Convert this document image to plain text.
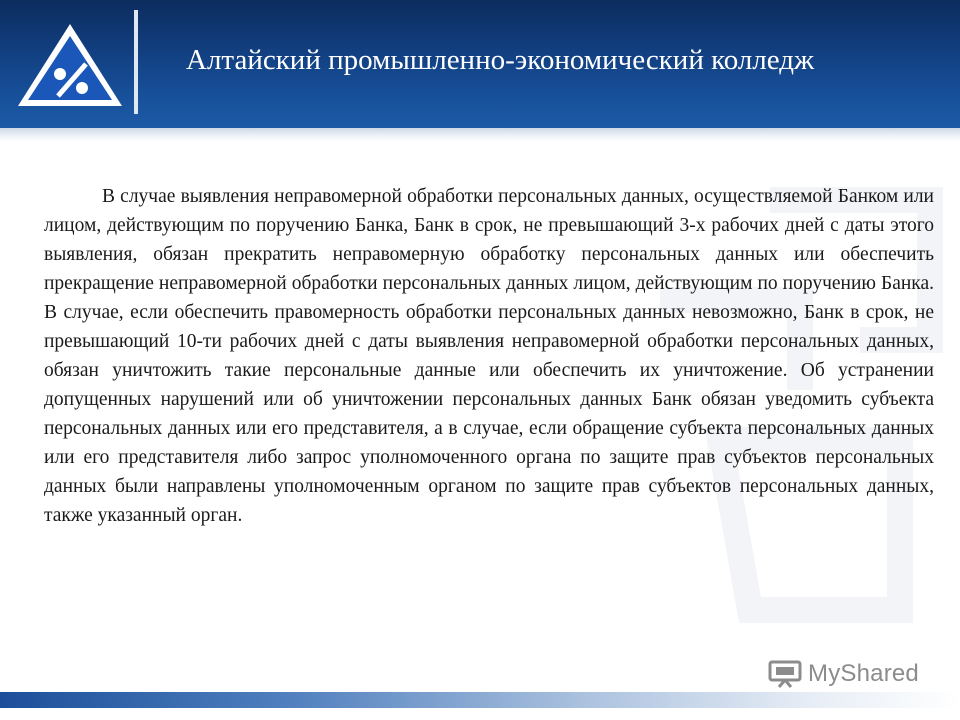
Алтайский промышленно-экономический колледж

В случае выявления неправомерной обработки персональных данных, осуществляемой Банком или лицом, действующим по поручению Банка, Банк в срок, не превышающий 3-х рабочих дней с даты этого выявления, обязан прекратить неправомерную обработку персональных данных или обеспечить прекращение неправомерной обработки персональных данных лицом, действующим по поручению Банка. В случае, если обеспечить правомерность обработки персональных данных невозможно, Банк в срок, не превышающий 10-ти рабочих дней с даты выявления неправомерной обработки персональных данных, обязан уничтожить такие персональные данные или обеспечить их уничтожение. Об устранении допущенных нарушений или об уничтожении персональных данных Банк обязан уведомить субъекта персональных данных или его представителя, а в случае, если обращение субъекта персональных данных или его представителя либо запрос уполномоченного органа по защите прав субъектов персональных данных были направлены уполномоченным органом по защите прав субъектов персональных данных, также указанный орган.

MyShared
